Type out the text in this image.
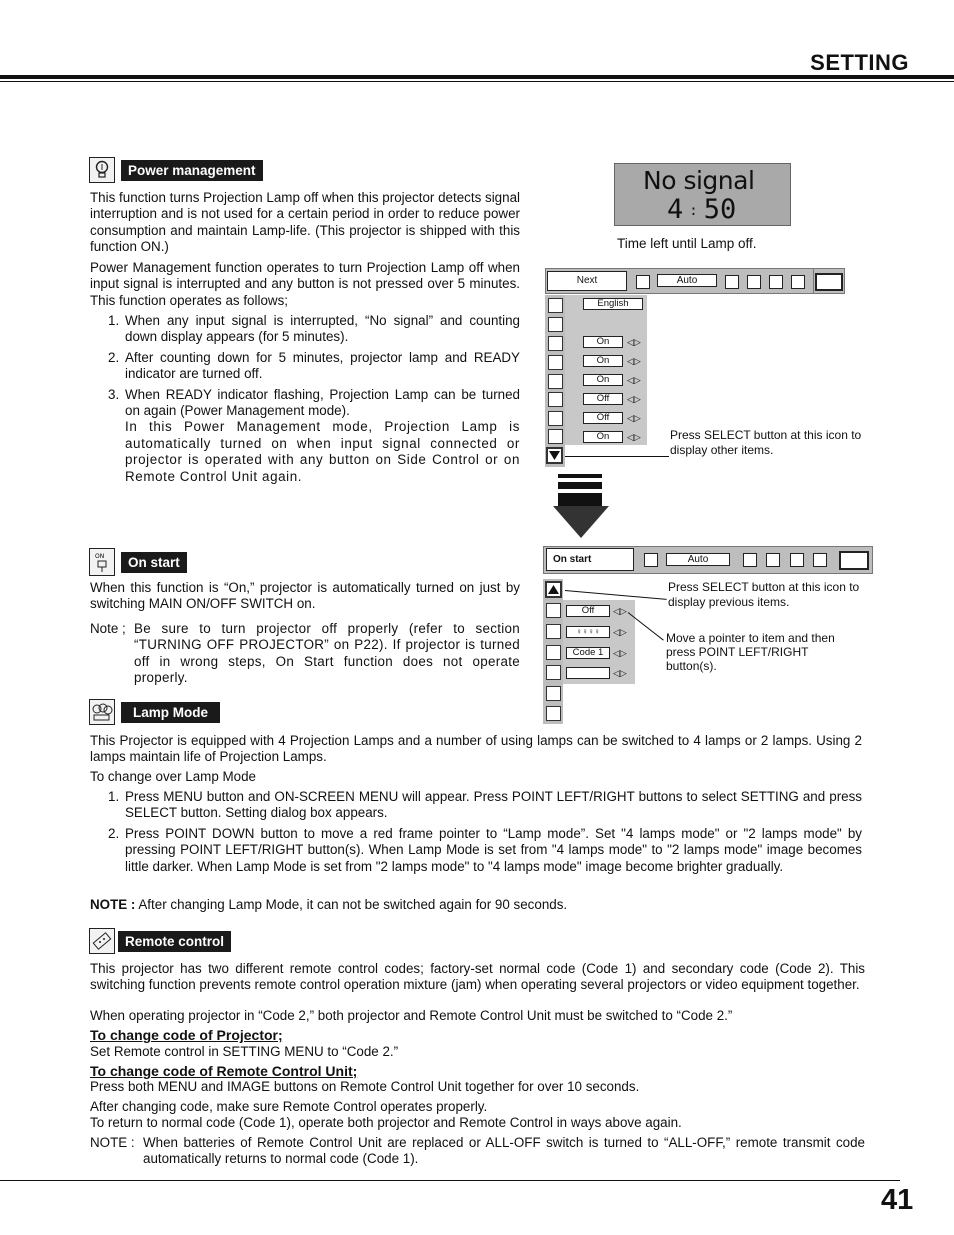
SETTING
Power management

This function turns Projection Lamp off when this projector detects signal interruption and is not used for a certain period in order to reduce power consumption and maintain Lamp-life. (This projector is shipped with this function ON.)

Power Management function operates to turn Projection Lamp off when input signal is interrupted and any button is not pressed over 5 minutes. This function operates as follows;

1. When any input signal is interrupted, “No signal” and counting down display appears (for 5 minutes).
2. After counting down for 5 minutes, projector lamp and READY indicator are turned off.
3. When READY indicator flashing, Projection Lamp can be turned on again (Power Management mode).
In this Power Management mode, Projection Lamp is automatically turned on when input signal connected or projector is operated with any button on Side Control or on Remote Control Unit again.
No signal
4 : 50
Time left until Lamp off.
Next	Auto
English
On	◁▷
On	◁▷
On	◁▷
Off	◁▷
Off	◁▷
On	◁▷ Press SELECT button at this icon to display other items.
On start	Auto
Off	◁▷
♀♀♀♀	◁▷
Code 1	◁▷
◁▷
Press SELECT button at this icon to display previous items.
Move a pointer to item and then press POINT LEFT/RIGHT button(s).
ON	On start

When this function is “On,” projector is automatically turned on just by switching MAIN ON/OFF SWITCH on.

Note ; Be sure to turn projector off properly (refer to section “TURNING OFF PROJECTOR” on P22). If projector is turned off in wrong steps, On Start function does not operate properly.
Lamp Mode

This Projector is equipped with 4 Projection Lamps and a number of using lamps can be switched to 4 lamps or 2 lamps. Using 2 lamps maintain life of Projection Lamps.

To change over Lamp Mode

1. Press MENU button and ON-SCREEN MENU will appear. Press POINT LEFT/RIGHT buttons to select SETTING and press SELECT button. Setting dialog box appears.
2. Press POINT DOWN button to move a red frame pointer to “Lamp mode”. Set "4 lamps mode" or "2 lamps mode" by pressing POINT LEFT/RIGHT button(s). When Lamp Mode is set from "4 lamps mode" to "2 lamps mode" image becomes little darker. When Lamp Mode is set from "2 lamps mode" to "4 lamps mode" image become brighter gradually.
NOTE : After changing Lamp Mode, it can not be switched again for 90 seconds.
Remote control

This projector has two different remote control codes; factory-set normal code (Code 1) and secondary code (Code 2). This switching function prevents remote control operation mixture (jam) when operating several projectors or video equipment together.

When operating projector in “Code 2,” both projector and Remote Control Unit must be switched to “Code 2.”

To change code of Projector;

Set Remote control in SETTING MENU to “Code 2.”

To change code of Remote Control Unit;

Press both MENU and IMAGE buttons on Remote Control Unit together for over 10 seconds.

After changing code, make sure Remote Control operates properly.

To return to normal code (Code 1), operate both projector and Remote Control in ways above again.

NOTE : When batteries of Remote Control Unit are replaced or ALL-OFF switch is turned to “ALL-OFF,” remote transmit code automatically returns to normal code (Code 1).
41
